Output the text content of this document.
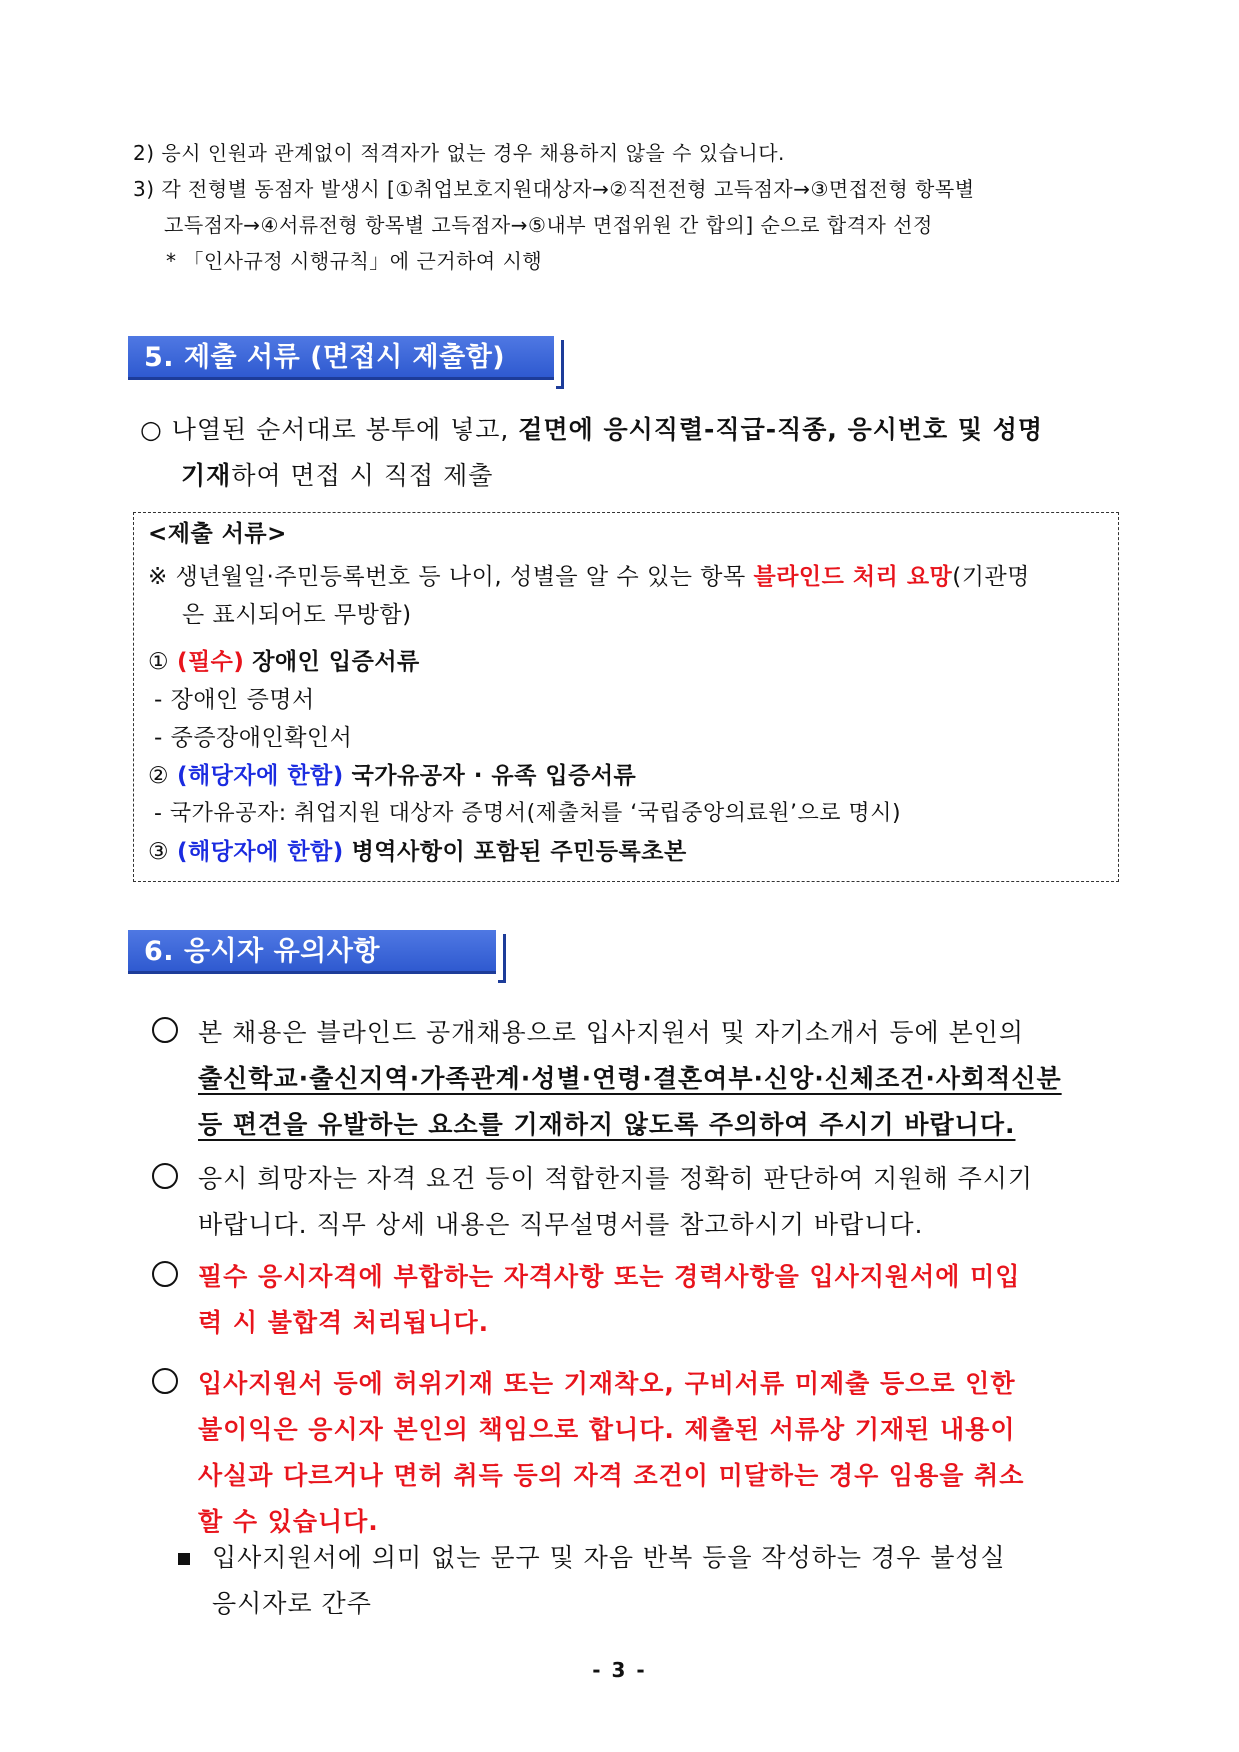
2) 응시 인원과 관계없이 적격자가 없는 경우 채용하지 않을 수 있습니다.
3) 각 전형별 동점자 발생시 [①취업보호지원대상자→②직전전형 고득점자→③면접전형 항목별
고득점자→④서류전형 항목별 고득점자→⑤내부 면접위원 간 합의] 순으로 합격자 선정
* 「인사규정 시행규칙」에 근거하여 시행
5. 제출 서류 (면접시 제출함)
○ 나열된 순서대로 봉투에 넣고, 겉면에 응시직렬-직급-직종, 응시번호 및 성명
기재하여 면접 시 직접 제출
<제출 서류>
※ 생년월일·주민등록번호 등 나이, 성별을 알 수 있는 항목 블라인드 처리 요망(기관명
은 표시되어도 무방함)
① (필수) 장애인 입증서류
- 장애인 증명서
- 중증장애인확인서
② (해당자에 한함) 국가유공자 · 유족 입증서류
- 국가유공자: 취업지원 대상자 증명서(제출처를 ‘국립중앙의료원’으로 명시)
③ (해당자에 한함) 병역사항이 포함된 주민등록초본
6. 응시자 유의사항
본 채용은 블라인드 공개채용으로 입사지원서 및 자기소개서 등에 본인의
출신학교·출신지역·가족관계·성별·연령·결혼여부·신앙·신체조건·사회적신분
등 편견을 유발하는 요소를 기재하지 않도록 주의하여 주시기 바랍니다.
응시 희망자는 자격 요건 등이 적합한지를 정확히 판단하여 지원해 주시기
바랍니다. 직무 상세 내용은 직무설명서를 참고하시기 바랍니다.
필수 응시자격에 부합하는 자격사항 또는 경력사항을 입사지원서에 미입
력 시 불합격 처리됩니다.
입사지원서 등에 허위기재 또는 기재착오, 구비서류 미제출 등으로 인한
불이익은 응시자 본인의 책임으로 합니다. 제출된 서류상 기재된 내용이
사실과 다르거나 면허 취득 등의 자격 조건이 미달하는 경우 임용을 취소
할 수 있습니다.
입사지원서에 의미 없는 문구 및 자음 반복 등을 작성하는 경우 불성실
응시자로 간주
- 3 -
